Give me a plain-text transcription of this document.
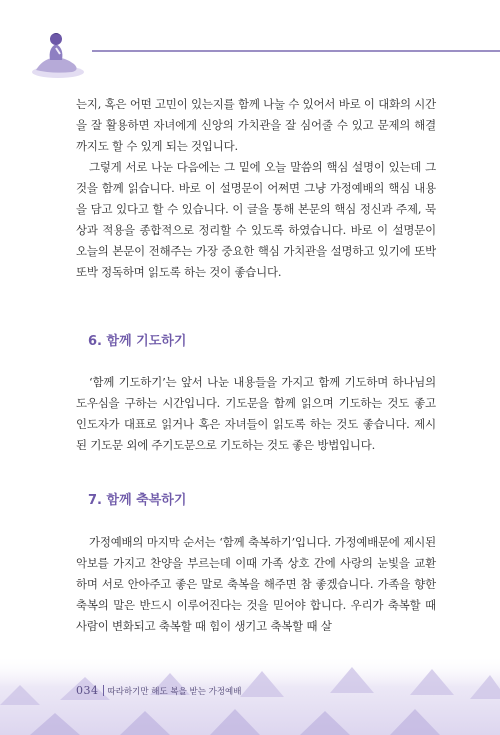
는지, 혹은 어떤 고민이 있는지를 함께 나눌 수 있어서 바로 이 대화의 시간을 잘 활용하면 자녀에게 신앙의 가치관을 잘 심어줄 수 있고 문제의 해결까지도 할 수 있게 되는 것입니다.

그렇게 서로 나눈 다음에는 그 밑에 오늘 말씀의 핵심 설명이 있는데 그것을 함께 읽습니다. 바로 이 설명문이 어쩌면 그냥 가정예배의 핵심 내용을 담고 있다고 할 수 있습니다. 이 글을 통해 본문의 핵심 정신과 주제, 묵상과 적용을 종합적으로 정리할 수 있도록 하였습니다. 바로 이 설명문이 오늘의 본문이 전해주는 가장 중요한 핵심 가치관을 설명하고 있기에 또박또박 정독하며 읽도록 하는 것이 좋습니다.

6. 함께 기도하기

‘함께 기도하기’는 앞서 나눈 내용들을 가지고 함께 기도하며 하나님의 도우심을 구하는 시간입니다. 기도문을 함께 읽으며 기도하는 것도 좋고 인도자가 대표로 읽거나 혹은 자녀들이 읽도록 하는 것도 좋습니다. 제시된 기도문 외에 주기도문으로 기도하는 것도 좋은 방법입니다.

7. 함께 축복하기

가정예배의 마지막 순서는 ‘함께 축복하기’입니다. 가정예배문에 제시된 악보를 가지고 찬양을 부르는데 이때 가족 상호 간에 사랑의 눈빛을 교환하며 서로 안아주고 좋은 말로 축복을 해주면 참 좋겠습니다. 가족을 향한 축복의 말은 반드시 이루어진다는 것을 믿어야 합니다. 우리가 축복할 때 사람이 변화되고 축복할 때 힘이 생기고 축복할 때 살

034 따라하기만 해도 복을 받는 가정예배
